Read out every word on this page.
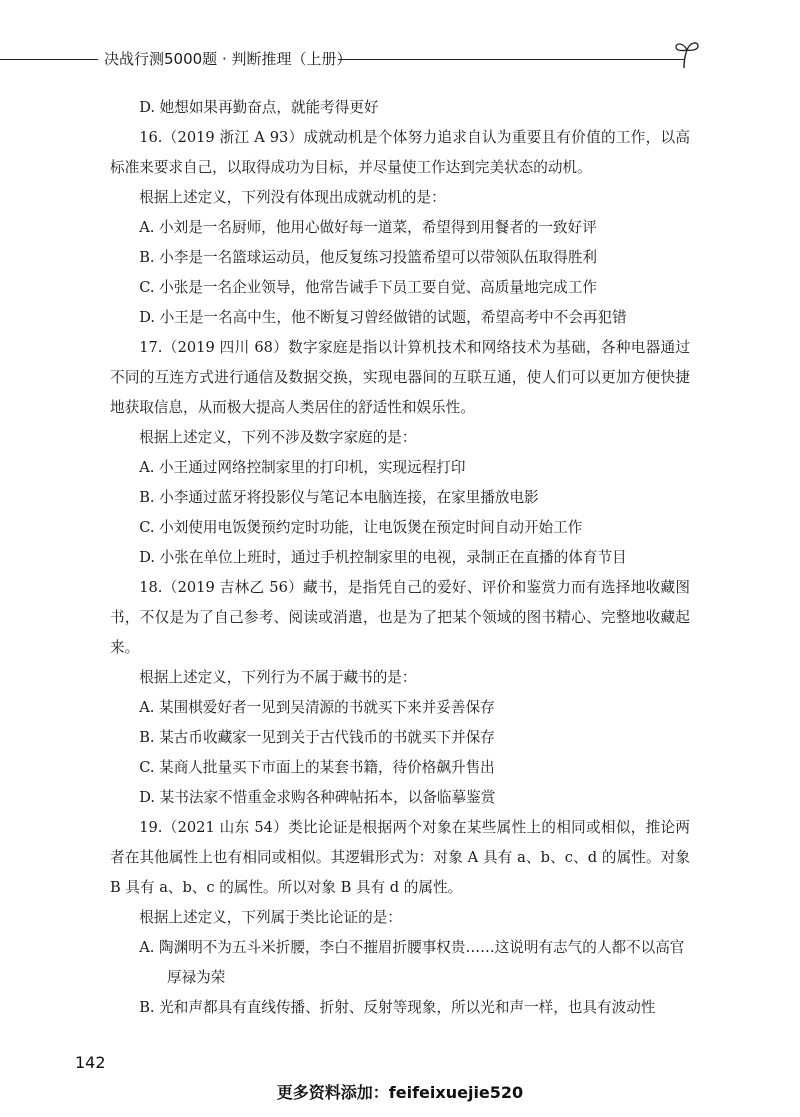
决战行测5000题 · 判断推理（上册）

D. 她想如果再勤奋点，就能考得更好

16.（2019 浙江 A 93）成就动机是个体努力追求自认为重要且有价值的工作，以高标准来要求自己，以取得成功为目标，并尽量使工作达到完美状态的动机。

根据上述定义，下列没有体现出成就动机的是：

A. 小刘是一名厨师，他用心做好每一道菜，希望得到用餐者的一致好评

B. 小李是一名篮球运动员，他反复练习投篮希望可以带领队伍取得胜利

C. 小张是一名企业领导，他常告诫手下员工要自觉、高质量地完成工作

D. 小王是一名高中生，他不断复习曾经做错的试题，希望高考中不会再犯错

17.（2019 四川 68）数字家庭是指以计算机技术和网络技术为基础，各种电器通过不同的互连方式进行通信及数据交换，实现电器间的互联互通，使人们可以更加方便快捷地获取信息，从而极大提高人类居住的舒适性和娱乐性。

根据上述定义，下列不涉及数字家庭的是：

A. 小王通过网络控制家里的打印机，实现远程打印

B. 小李通过蓝牙将投影仪与笔记本电脑连接，在家里播放电影

C. 小刘使用电饭煲预约定时功能，让电饭煲在预定时间自动开始工作

D. 小张在单位上班时，通过手机控制家里的电视，录制正在直播的体育节目

18.（2019 吉林乙 56）藏书，是指凭自己的爱好、评价和鉴赏力而有选择地收藏图书，不仅是为了自己参考、阅读或消遣，也是为了把某个领域的图书精心、完整地收藏起来。

根据上述定义，下列行为不属于藏书的是：

A. 某围棋爱好者一见到吴清源的书就买下来并妥善保存

B. 某古币收藏家一见到关于古代钱币的书就买下并保存

C. 某商人批量买下市面上的某套书籍，待价格飙升售出

D. 某书法家不惜重金求购各种碑帖拓本，以备临摹鉴赏

19.（2021 山东 54）类比论证是根据两个对象在某些属性上的相同或相似，推论两者在其他属性上也有相同或相似。其逻辑形式为：对象 A 具有 a、b、c、d 的属性。对象 B 具有 a、b、c 的属性。所以对象 B 具有 d 的属性。

根据上述定义，下列属于类比论证的是：

A. 陶渊明不为五斗米折腰，李白不摧眉折腰事权贵……这说明有志气的人都不以高官厚禄为荣

B. 光和声都具有直线传播、折射、反射等现象，所以光和声一样，也具有波动性

142
更多资料添加：feifeixuejie520
